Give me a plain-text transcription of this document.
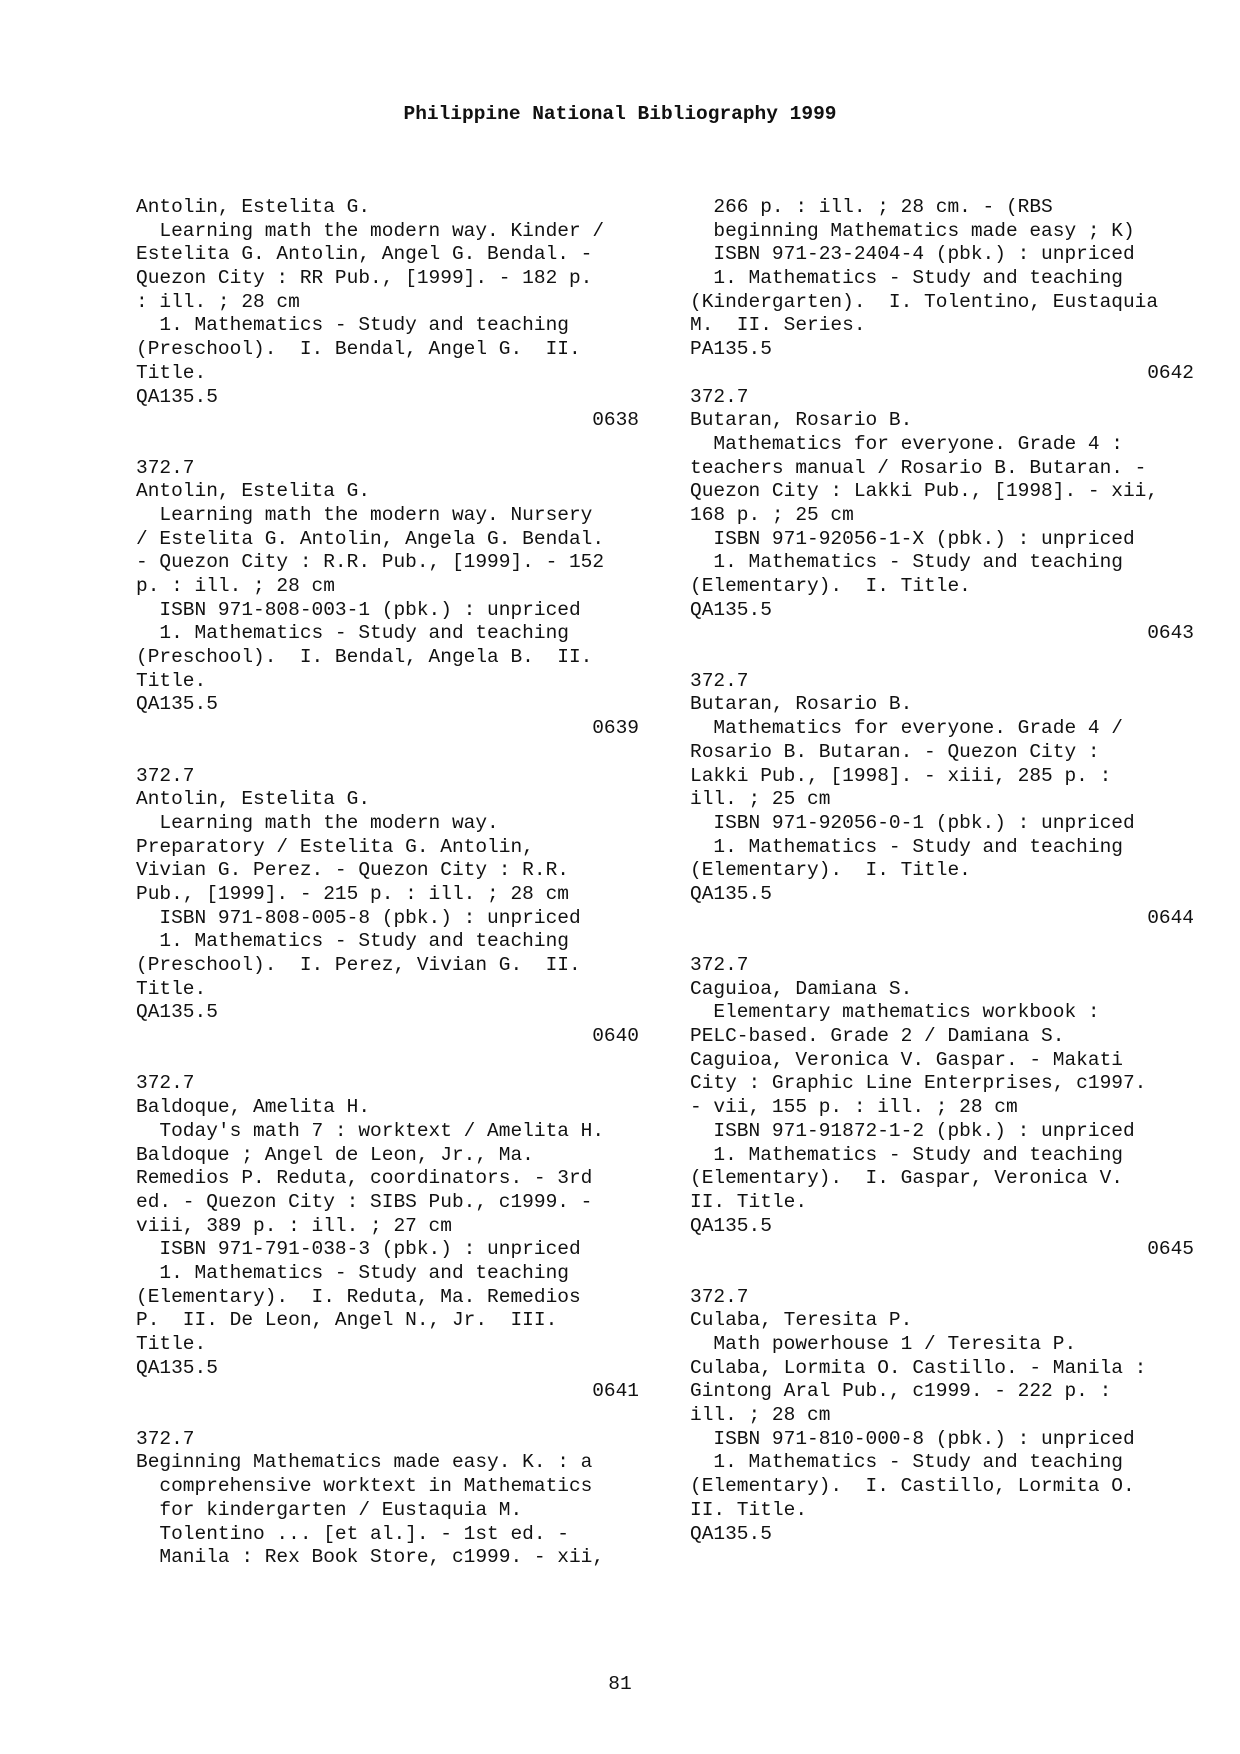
Philippine National Bibliography 1999
Antolin, Estelita G.
Learning math the modern way. Kinder /
Estelita G. Antolin, Angel G. Bendal. -
Quezon City : RR Pub., [1999]. - 182 p.
: ill. ; 28 cm
1. Mathematics - Study and teaching
(Preschool).  I. Bendal, Angel G.  II.
Title.
QA135.5
0638
372.7
Antolin, Estelita G.
Learning math the modern way. Nursery
/ Estelita G. Antolin, Angela G. Bendal.
- Quezon City : R.R. Pub., [1999]. - 152
p. : ill. ; 28 cm
ISBN 971-808-003-1 (pbk.) : unpriced
1. Mathematics - Study and teaching
(Preschool).  I. Bendal, Angela B.  II.
Title.
QA135.5
0639
372.7
Antolin, Estelita G.
Learning math the modern way.
Preparatory / Estelita G. Antolin,
Vivian G. Perez. - Quezon City : R.R.
Pub., [1999]. - 215 p. : ill. ; 28 cm
ISBN 971-808-005-8 (pbk.) : unpriced
1. Mathematics - Study and teaching
(Preschool).  I. Perez, Vivian G.  II.
Title.
QA135.5
0640
372.7
Baldoque, Amelita H.
Today's math 7 : worktext / Amelita H.
Baldoque ; Angel de Leon, Jr., Ma.
Remedios P. Reduta, coordinators. - 3rd
ed. - Quezon City : SIBS Pub., c1999. -
viii, 389 p. : ill. ; 27 cm
ISBN 971-791-038-3 (pbk.) : unpriced
1. Mathematics - Study and teaching
(Elementary).  I. Reduta, Ma. Remedios
P.  II. De Leon, Angel N., Jr.  III.
Title.
QA135.5
0641
372.7
Beginning Mathematics made easy. K. : a
comprehensive worktext in Mathematics
for kindergarten / Eustaquia M.
Tolentino ... [et al.]. - 1st ed. -
Manila : Rex Book Store, c1999. - xii,
266 p. : ill. ; 28 cm. - (RBS
beginning Mathematics made easy ; K)
ISBN 971-23-2404-4 (pbk.) : unpriced
1. Mathematics - Study and teaching
(Kindergarten).  I. Tolentino, Eustaquia
M.  II. Series.
PA135.5
0642
372.7
Butaran, Rosario B.
Mathematics for everyone. Grade 4 :
teachers manual / Rosario B. Butaran. -
Quezon City : Lakki Pub., [1998]. - xii,
168 p. ; 25 cm
ISBN 971-92056-1-X (pbk.) : unpriced
1. Mathematics - Study and teaching
(Elementary).  I. Title.
QA135.5
0643
372.7
Butaran, Rosario B.
Mathematics for everyone. Grade 4 /
Rosario B. Butaran. - Quezon City :
Lakki Pub., [1998]. - xiii, 285 p. :
ill. ; 25 cm
ISBN 971-92056-0-1 (pbk.) : unpriced
1. Mathematics - Study and teaching
(Elementary).  I. Title.
QA135.5
0644
372.7
Caguioa, Damiana S.
Elementary mathematics workbook :
PELC-based. Grade 2 / Damiana S.
Caguioa, Veronica V. Gaspar. - Makati
City : Graphic Line Enterprises, c1997.
- vii, 155 p. : ill. ; 28 cm
ISBN 971-91872-1-2 (pbk.) : unpriced
1. Mathematics - Study and teaching
(Elementary).  I. Gaspar, Veronica V.
II. Title.
QA135.5
0645
372.7
Culaba, Teresita P.
Math powerhouse 1 / Teresita P.
Culaba, Lormita O. Castillo. - Manila :
Gintong Aral Pub., c1999. - 222 p. :
ill. ; 28 cm
ISBN 971-810-000-8 (pbk.) : unpriced
1. Mathematics - Study and teaching
(Elementary).  I. Castillo, Lormita O.
II. Title.
QA135.5
81
